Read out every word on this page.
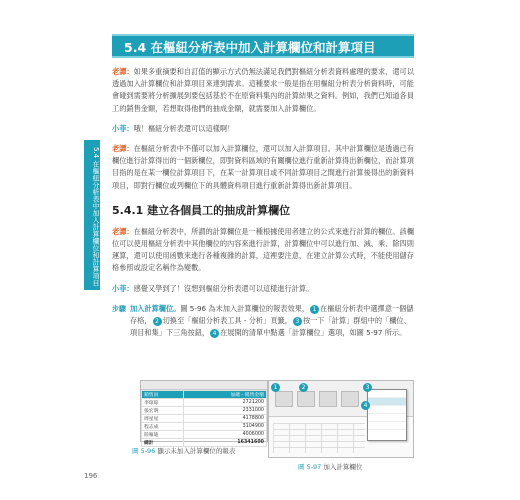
5.4 在樞紐分析表中加入計算欄位和計算項目
5.4 在樞紐分析表中加入計算欄位和計算項目

老譚：如果多重摘要和自訂值的顯示方式仍無法滿足我們對樞紐分析表資料處理的要求，還可以透過加入計算欄位和計算項目來達到需求。這種要求一般是指在用樞紐分析表分析資料時，可能會碰到需要將分析擴展到要包括基於不在原資料集內的計算結果之資料。例如，我們已知道各員工的銷售金額，若想取得他們的抽成金額，就需要加入計算欄位。

小菲：哦！樞紐分析表還可以這樣啊！

老譚：在樞紐分析表中不僅可以加入計算欄位，還可以加入計算項目。其中計算欄位是透過已有欄位進行計算得出的一個新欄位，即對資料區域的有關欄位進行重新計算得出新欄位，而計算項目指的是在某一欄位計算項目下，在某一計算項目或不同計算項目之間進行計算後得出的新資料項目，即對行欄位或列欄位下的具體資料項目進行重新計算得出新計算項目。

5.4.1 建立各個員工的抽成計算欄位

老譚：在樞紐分析表中，所謂的計算欄位是一種根據使用者建立的公式來進行計算的欄位。該欄位可以使用樞紐分析表中其他欄位的內容來進行計算，計算欄位中可以進行加、減、乘、除四則運算，還可以使用函數來進行各種複雜的計算，這裡要注意，在建立計算公式時，不能使用儲存格參照或設定名稱作為變數。

小菲：感覺又學到了！沒想到樞紐分析表還可以這樣進行計算。

步驟 加入計算欄位。圖 5-96 為未加入計算欄位的報表效果， 1 在樞紐分析表中選擇意一個儲存格， 2 切換至「樞紐分析表工具 - 分析」頁籤， 3 按一下「計算」群組中的「欄位、項目和集」下三角按鈕， 4 在展開的清單中點選「計算欄位」選項，如圖 5-97 所示。
銷售員	加總 - 銷售金額
李琼琼	2721200
張宏明	2331000
周星星	4178800
程志成	3104900
陸雁迪	4006000
總計	16341600
圖 5-96 顯示未加入計算欄位的報表
1	2	3
4
圖 5-97 加入計算欄位
196
